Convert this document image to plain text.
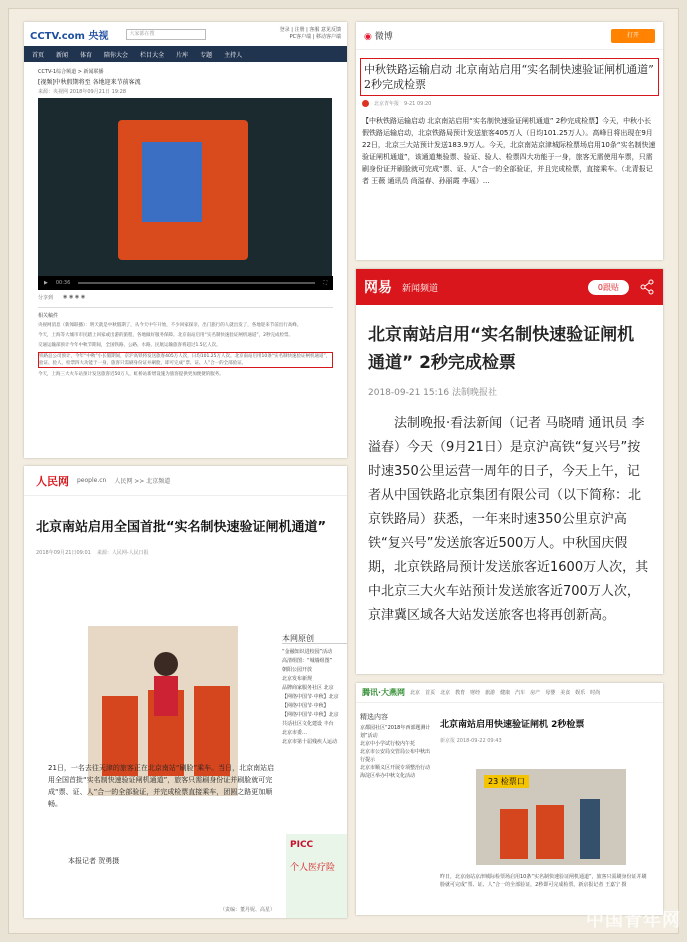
CCTV.com 央视	大家都在搜
登录 | 注册 | 客服 意见反馈
PC客户端 | 移动客户端
首页 新闻 体育 陪你大会 栏目大全 片库 专题 主持人
CCTV-1综合频道 > 新闻联播
[视频]中秋假期将至 各地迎来节前客流
来源：央视网 2018年09月21日 19:28
▶ 00:36	⛶
分享到 ◉ ◉ ◉ ◉
相关稿件
央视网消息（新闻联播）：明天就是中秋假期了，从今天中午开始，不少回家探亲、出门旅行的人就出发了，各地迎来节前出行高峰。
今天，上海等大城市市民踏上回家或出游的旅程，各地做好服务保障。北京南站启用“实名制快速验证闸机通道”，2秒完成检票。
交通运输部预计今年中秋节期间，全国铁路、公路、水路、民航运输旅客将超过1.5亿人次。
铁路总公司预计，今年“中秋”小长假期间，京沪高铁将发送旅客405万人次，日均101.25万人次。北京南站启用10条“实名制快速验证闸机通道”，验证、验人、检票四大功能于一身，旅客只需刷身份证并刷脸，即可完成“票、证、人”合一的全部验证。
今天，上海三大火车站预计发送旅客近50万人，虹桥站新增设施为旅客提供更加便捷的服务。
◉ 微博	打开
中秋铁路运输启动 北京南站启用“实名制快速验证闸机通道” 2秒完成检票
北京青年报 9-21 09:20
【中秋铁路运输启动 北京南站启用“实名制快速验证闸机通道” 2秒完成检票】今天，中秋小长假铁路运输启动，北京铁路局预计发送旅客405万人（日均101.25万人）。高峰日将出现在9月22日，北京三大站预计发送183.9万人。今天，北京南站京津城际检票场启用10条“实名制快速验证闸机通道”，该通道集验票、验证、验人、检票四大功能于一身，旅客无需使用车票，只需刷身份证并刷脸就可完成“票、证、人”合一的全部验证，并且完成检票，直接乘车。（北青报记者 王薇 通讯员 尚溢春、孙丽霞 李瑶）...
网易 新闻频道	0跟贴
北京南站启用“实名制快速验证闸机通道” 2秒完成检票
2018-09-21 15:16 法制晚报社
法制晚报·看法新闻（记者 马晓晴 通讯员 李溢春）今天（9月21日）是京沪高铁“复兴号”按时速350公里运营一周年的日子，今天上午，记者从中国铁路北京集团有限公司（以下简称：北京铁路局）获悉，一年来时速350公里京沪高铁“复兴号”发送旅客近500万人。中秋国庆假期，北京铁路局预计发送旅客近1600万人次，其中北京三大火车站预计发送旅客近700万人次，京津冀区域各大站发送旅客也将再创新高。
人民网 people.cn 人民网 >> 北京频道
北京南站启用全国首批“实名制快速验证闸机通道”
2018年09月21日09:01 来源：人民网-人民日报
本网原创
“金融知识进校园”活动
高清组图：“城墙组图”
朝阳公园开放
北京发布新规
品牌商家服务社区 北京
【网络中国节·中秋】北京
【网络中国节·中秋】
【网络中国节·中秋】北京
共话社区文化建设 丰台
北京市委…
北京市第十届残疾人运动
21日，一名去往天津的旅客正在北京南站“刷脸”乘车。当日，北京南站启用全国首批“实名制快速验证闸机通道”，旅客只需刷身份证并刷脸就可完成“票、证、人”合一的全部验证，并完成检票直接乘车，团圆之路更加顺畅。
本报记者 贺勇摄
（责编：董丹妮、高星）
PICC
个人医疗险
腾讯·大燕网 北京 首页 北京 教育 财经 旅游 健康 汽车 房产 母婴 美食 娱乐 时尚
精选内容
京都园社区“2018年西部题测计划”活动
北京中小学试行校内午托
北京市公安局交管局公布中秋出行提示
北京市顺义区开展专项整治行动
海淀区举办中秋文化活动
北京南站启用快速验证闸机 2秒检票
新京报 2018-09-22 09:43
23 检票口
昨日，北京南站京津城际检票场启用10条“实名制快速验证闸机通道”，旅客只需刷身份证并刷脸就可完成“票、证、人”合一的全部验证，2秒即可完成检票。新京报记者 王嘉宁 摄
中国青年网
